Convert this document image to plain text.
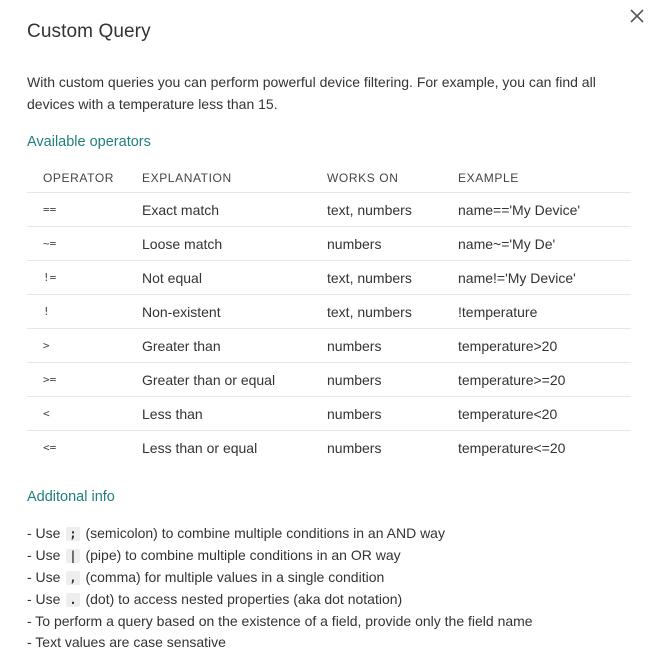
Custom Query
With custom queries you can perform powerful device filtering. For example, you can find all devices with a temperature less than 15.
Available operators
OPERATOR	EXPLANATION	WORKS ON	EXAMPLE
==	Exact match	text, numbers	name=='My Device'
~=	Loose match	numbers	name~='My De'
!=	Not equal	text, numbers	name!='My Device'
!	Non-existent	text, numbers	!temperature
>	Greater than	numbers	temperature>20
>=	Greater than or equal	numbers	temperature>=20
<	Less than	numbers	temperature<20
<=	Less than or equal	numbers	temperature<=20
Additonal info
- Use ; (semicolon) to combine multiple conditions in an AND way
- Use | (pipe) to combine multiple conditions in an OR way
- Use , (comma) for multiple values in a single condition
- Use . (dot) to access nested properties (aka dot notation)
- To perform a query based on the existence of a field, provide only the field name
- Text values are case sensative
